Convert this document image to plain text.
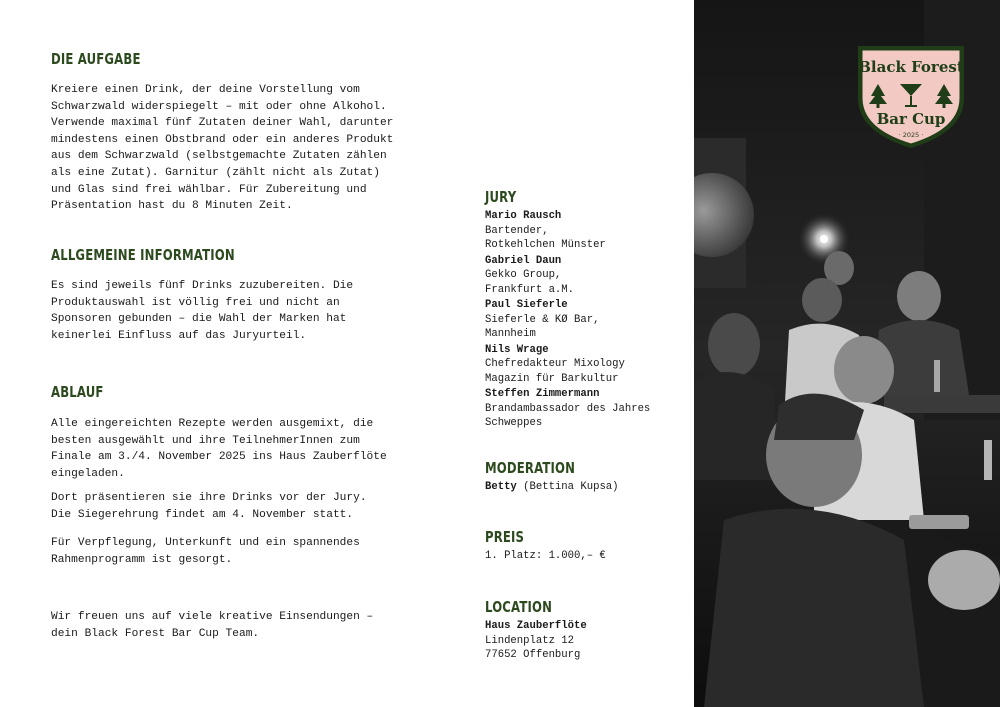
DIE AUFGABE
Kreiere einen Drink, der deine Vorstellung vom
Schwarzwald widerspiegelt – mit oder ohne Alkohol.
Verwende maximal fünf Zutaten deiner Wahl, darunter
mindestens einen Obstbrand oder ein anderes Produkt
aus dem Schwarzwald (selbstgemachte Zutaten zählen
als eine Zutat). Garnitur (zählt nicht als Zutat)
und Glas sind frei wählbar. Für Zubereitung und
Präsentation hast du 8 Minuten Zeit.
ALLGEMEINE INFORMATION
Es sind jeweils fünf Drinks zuzubereiten. Die
Produktauswahl ist völlig frei und nicht an
Sponsoren gebunden – die Wahl der Marken hat
keinerlei Einfluss auf das Juryurteil.
ABLAUF
Alle eingereichten Rezepte werden ausgemixt, die
besten ausgewählt und ihre TeilnehmerInnen zum
Finale am 3./4. November 2025 ins Haus Zauberflöte
eingeladen.
Dort präsentieren sie ihre Drinks vor der Jury.
Die Siegerehrung findet am 4. November statt.
Für Verpflegung, Unterkunft und ein spannendes
Rahmenprogramm ist gesorgt.
Wir freuen uns auf viele kreative Einsendungen –
dein Black Forest Bar Cup Team.
JURY
Mario Rausch
Bartender,
Rotkehlchen Münster
Gabriel Daun
Gekko Group,
Frankfurt a.M.
Paul Sieferle
Sieferle & KØ Bar,
Mannheim
Nils Wrage
Chefredakteur Mixology
Magazin für Barkultur
Steffen Zimmermann
Brandambassador des Jahres
Schweppes
MODERATION
Betty (Bettina Kupsa)
PREIS
1. Platz: 1.000,– €
LOCATION
Haus Zauberflöte
Lindenplatz 12
77652 Offenburg
Black Forest
Bar Cup
· 2025 ·
